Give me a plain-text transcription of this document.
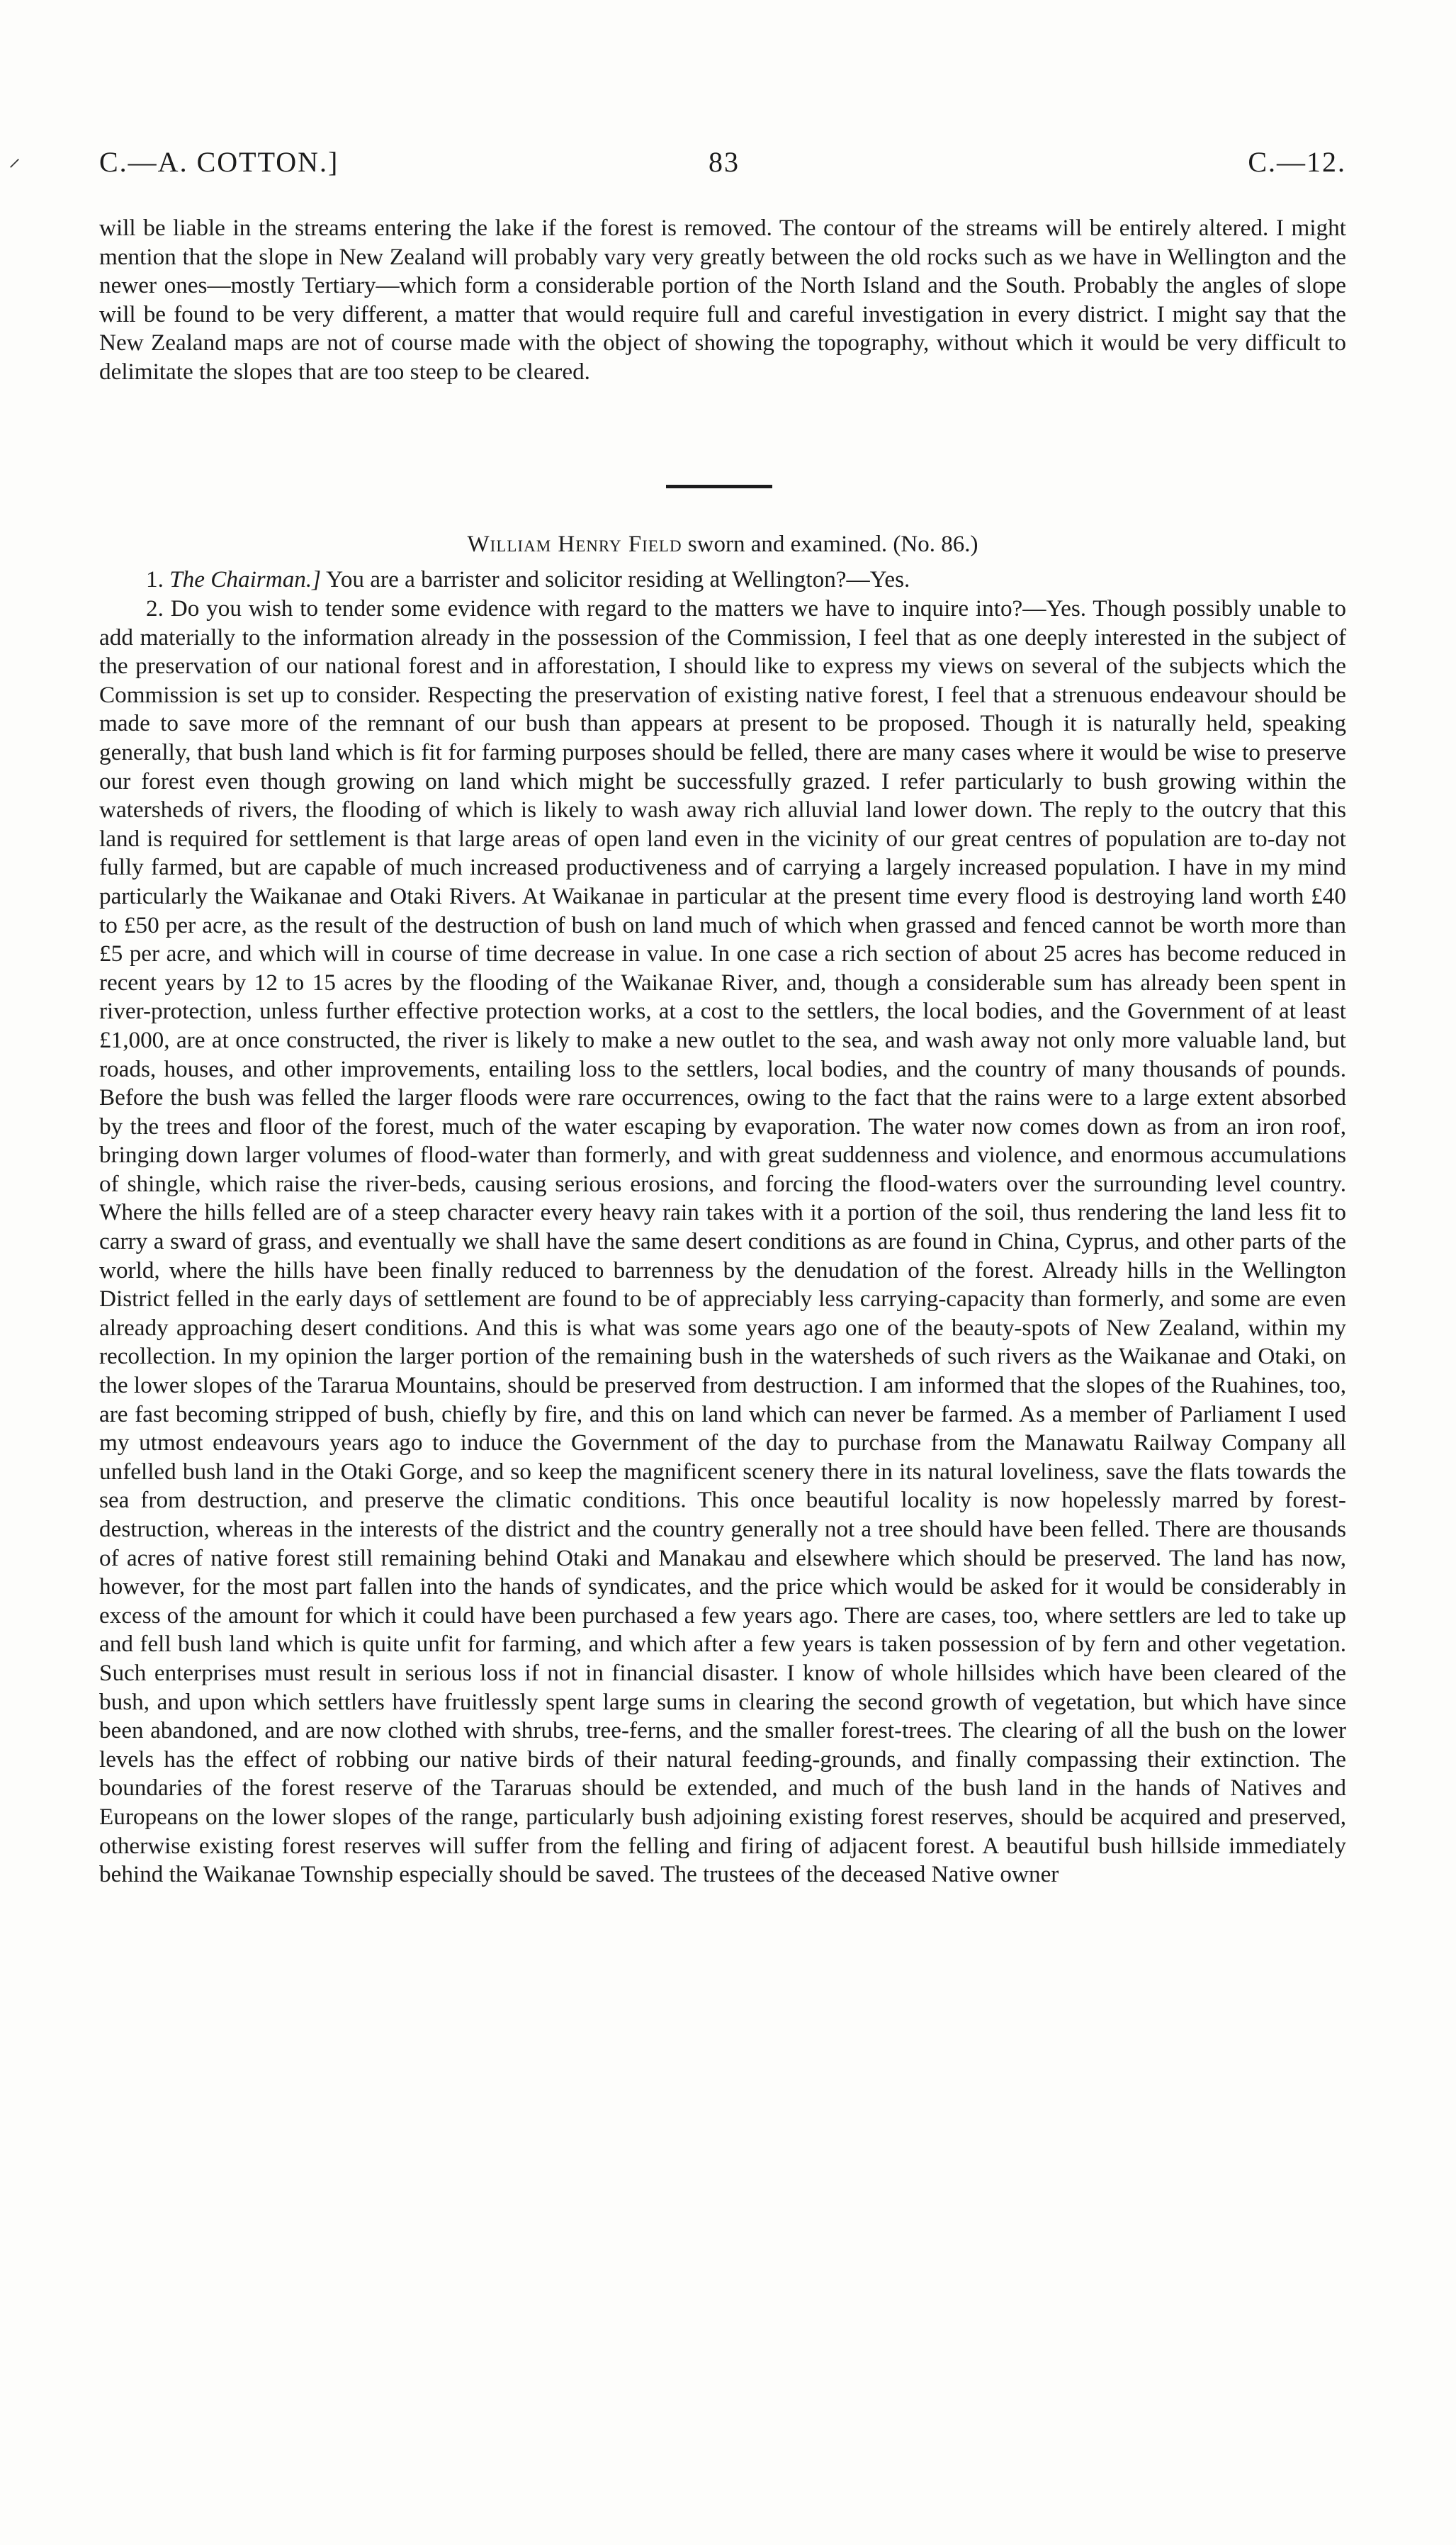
⸝	C.—A. COTTON.]	83	C.—12.

will be liable in the streams entering the lake if the forest is removed. The contour of the streams will be entirely altered. I might mention that the slope in New Zealand will probably vary very greatly between the old rocks such as we have in Wellington and the newer ones—mostly Tertiary—which form a considerable portion of the North Island and the South. Probably the angles of slope will be found to be very different, a matter that would require full and careful investigation in every district. I might say that the New Zealand maps are not of course made with the object of showing the topography, without which it would be very difficult to delimitate the slopes that are too steep to be cleared.

William Henry Field sworn and examined. (No. 86.)

1. The Chairman.] You are a barrister and solicitor residing at Wellington?—Yes.

2. Do you wish to tender some evidence with regard to the matters we have to inquire into?—Yes. Though possibly unable to add materially to the information already in the possession of the Commission, I feel that as one deeply interested in the subject of the preservation of our national forest and in afforestation, I should like to express my views on several of the subjects which the Commission is set up to consider. Respecting the preservation of existing native forest, I feel that a strenuous endeavour should be made to save more of the remnant of our bush than appears at present to be proposed. Though it is naturally held, speaking generally, that bush land which is fit for farming purposes should be felled, there are many cases where it would be wise to preserve our forest even though growing on land which might be successfully grazed. I refer particularly to bush growing within the watersheds of rivers, the flooding of which is likely to wash away rich alluvial land lower down. The reply to the outcry that this land is required for settlement is that large areas of open land even in the vicinity of our great centres of population are to-day not fully farmed, but are capable of much increased productiveness and of carrying a largely increased population. I have in my mind particularly the Waikanae and Otaki Rivers. At Waikanae in particular at the present time every flood is destroying land worth £40 to £50 per acre, as the result of the destruction of bush on land much of which when grassed and fenced cannot be worth more than £5 per acre, and which will in course of time decrease in value. In one case a rich section of about 25 acres has become reduced in recent years by 12 to 15 acres by the flooding of the Waikanae River, and, though a considerable sum has already been spent in river-protection, unless further effective protection works, at a cost to the settlers, the local bodies, and the Government of at least £1,000, are at once constructed, the river is likely to make a new outlet to the sea, and wash away not only more valuable land, but roads, houses, and other improvements, entailing loss to the settlers, local bodies, and the country of many thousands of pounds. Before the bush was felled the larger floods were rare occurrences, owing to the fact that the rains were to a large extent absorbed by the trees and floor of the forest, much of the water escaping by evaporation. The water now comes down as from an iron roof, bringing down larger volumes of flood-water than formerly, and with great suddenness and violence, and enormous accumulations of shingle, which raise the river-beds, causing serious erosions, and forcing the flood-waters over the surrounding level country. Where the hills felled are of a steep character every heavy rain takes with it a portion of the soil, thus rendering the land less fit to carry a sward of grass, and eventually we shall have the same desert conditions as are found in China, Cyprus, and other parts of the world, where the hills have been finally reduced to barrenness by the denudation of the forest. Already hills in the Wellington District felled in the early days of settlement are found to be of appreciably less carrying-capacity than formerly, and some are even already approaching desert conditions. And this is what was some years ago one of the beauty-spots of New Zealand, within my recollection. In my opinion the larger portion of the remaining bush in the watersheds of such rivers as the Waikanae and Otaki, on the lower slopes of the Tararua Mountains, should be preserved from destruction. I am informed that the slopes of the Ruahines, too, are fast becoming stripped of bush, chiefly by fire, and this on land which can never be farmed. As a member of Parliament I used my utmost endeavours years ago to induce the Government of the day to purchase from the Manawatu Railway Company all unfelled bush land in the Otaki Gorge, and so keep the magnificent scenery there in its natural loveliness, save the flats towards the sea from destruction, and preserve the climatic conditions. This once beautiful locality is now hopelessly marred by forest-destruction, whereas in the interests of the district and the country generally not a tree should have been felled. There are thousands of acres of native forest still remaining behind Otaki and Manakau and elsewhere which should be preserved. The land has now, however, for the most part fallen into the hands of syndicates, and the price which would be asked for it would be considerably in excess of the amount for which it could have been purchased a few years ago. There are cases, too, where settlers are led to take up and fell bush land which is quite unfit for farming, and which after a few years is taken possession of by fern and other vegetation. Such enterprises must result in serious loss if not in financial disaster. I know of whole hillsides which have been cleared of the bush, and upon which settlers have fruitlessly spent large sums in clearing the second growth of vegetation, but which have since been abandoned, and are now clothed with shrubs, tree-ferns, and the smaller forest-trees. The clearing of all the bush on the lower levels has the effect of robbing our native birds of their natural feeding-grounds, and finally compassing their extinction. The boundaries of the forest reserve of the Tararuas should be extended, and much of the bush land in the hands of Natives and Europeans on the lower slopes of the range, particularly bush adjoining existing forest reserves, should be acquired and preserved, otherwise existing forest reserves will suffer from the felling and firing of adjacent forest. A beautiful bush hillside immediately behind the Waikanae Township especially should be saved. The trustees of the deceased Native owner
